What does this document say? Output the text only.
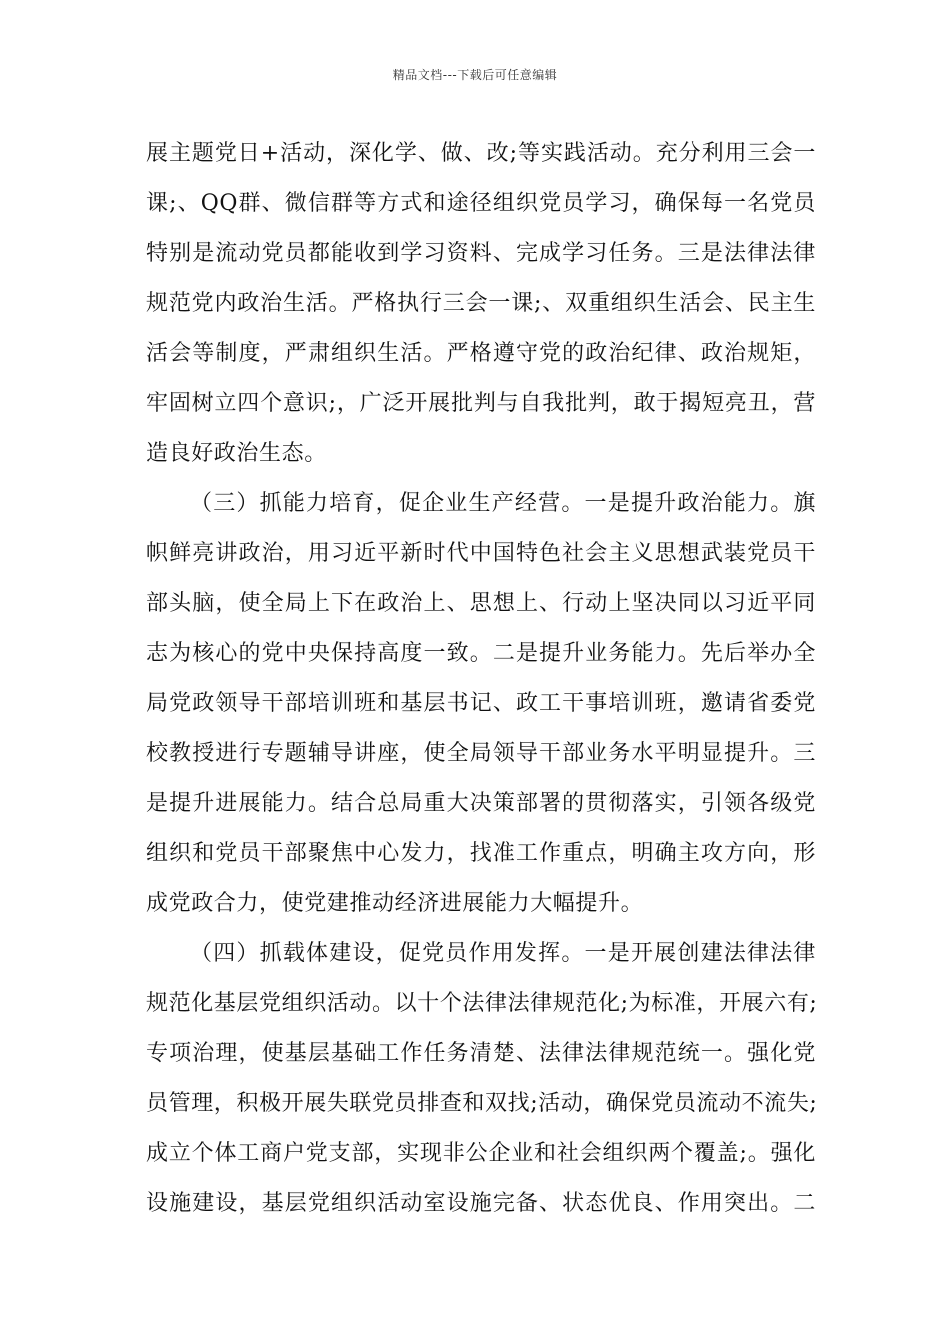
精品文档---下载后可任意编辑
展主题党日+活动，深化学、做、改;等实践活动。充分利用三会一
课;、QQ群、微信群等方式和途径组织党员学习，确保每一名党员
特别是流动党员都能收到学习资料、完成学习任务。三是法律法律
规范党内政治生活。严格执行三会一课;、双重组织生活会、民主生
活会等制度，严肃组织生活。严格遵守党的政治纪律、政治规矩，
牢固树立四个意识;，广泛开展批判与自我批判，敢于揭短亮丑，营
造良好政治生态。
（三）抓能力培育，促企业生产经营。一是提升政治能力。旗
帜鲜亮讲政治，用习近平新时代中国特色社会主义思想武装党员干
部头脑，使全局上下在政治上、思想上、行动上坚决同以习近平同
志为核心的党中央保持高度一致。二是提升业务能力。先后举办全
局党政领导干部培训班和基层书记、政工干事培训班，邀请省委党
校教授进行专题辅导讲座，使全局领导干部业务水平明显提升。三
是提升进展能力。结合总局重大决策部署的贯彻落实，引领各级党
组织和党员干部聚焦中心发力，找准工作重点，明确主攻方向，形
成党政合力，使党建推动经济进展能力大幅提升。
（四）抓载体建设，促党员作用发挥。一是开展创建法律法律
规范化基层党组织活动。以十个法律法律规范化;为标准，开展六有;
专项治理，使基层基础工作任务清楚、法律法律规范统一。强化党
员管理，积极开展失联党员排查和双找;活动，确保党员流动不流失;
成立个体工商户党支部，实现非公企业和社会组织两个覆盖;。强化
设施建设，基层党组织活动室设施完备、状态优良、作用突出。二
